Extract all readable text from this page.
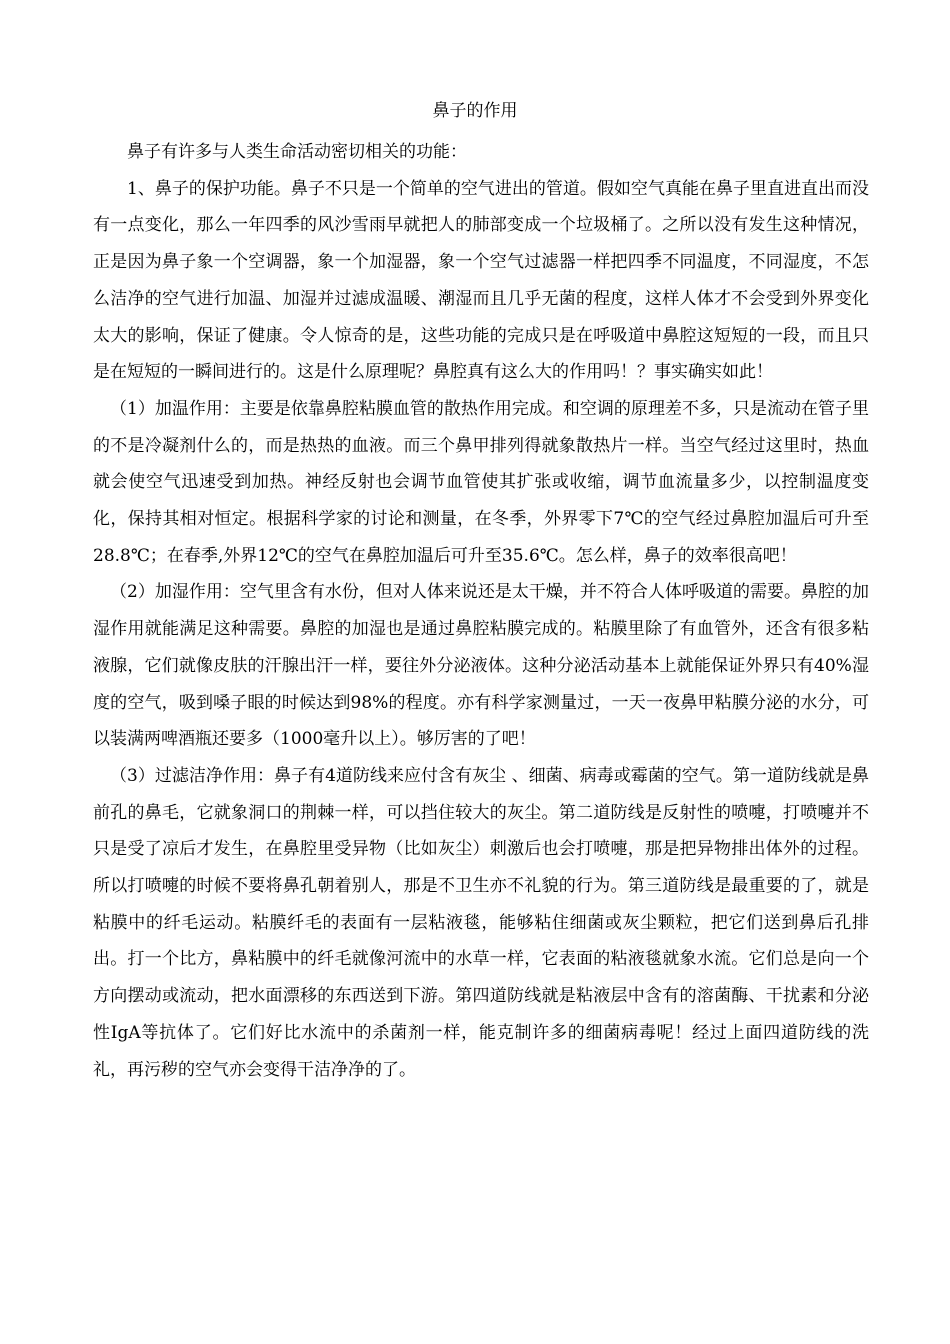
鼻子的作用

鼻子有许多与人类生命活动密切相关的功能：

1、鼻子的保护功能。鼻子不只是一个简单的空气进出的管道。假如空气真能在鼻子里直进直出而没有一点变化，那么一年四季的风沙雪雨早就把人的肺部变成一个垃圾桶了。之所以没有发生这种情况，正是因为鼻子象一个空调器，象一个加湿器，象一个空气过滤器一样把四季不同温度，不同湿度，不怎么洁净的空气进行加温、加湿并过滤成温暖、潮湿而且几乎无菌的程度，这样人体才不会受到外界变化太大的影响，保证了健康。令人惊奇的是，这些功能的完成只是在呼吸道中鼻腔这短短的一段，而且只是在短短的一瞬间进行的。这是什么原理呢？鼻腔真有这么大的作用吗！？事实确实如此！

（1）加温作用：主要是依靠鼻腔粘膜血管的散热作用完成。和空调的原理差不多，只是流动在管子里的不是冷凝剂什么的，而是热热的血液。而三个鼻甲排列得就象散热片一样。当空气经过这里时，热血就会使空气迅速受到加热。神经反射也会调节血管使其扩张或收缩，调节血流量多少，以控制温度变化，保持其相对恒定。根据科学家的讨论和测量，在冬季，外界零下7℃的空气经过鼻腔加温后可升至28.8℃；在春季,外界12℃的空气在鼻腔加温后可升至35.6℃。怎么样，鼻子的效率很高吧！

（2）加湿作用：空气里含有水份，但对人体来说还是太干燥，并不符合人体呼吸道的需要。鼻腔的加湿作用就能满足这种需要。鼻腔的加湿也是通过鼻腔粘膜完成的。粘膜里除了有血管外，还含有很多粘液腺，它们就像皮肤的汗腺出汗一样，要往外分泌液体。这种分泌活动基本上就能保证外界只有40%湿度的空气，吸到嗓子眼的时候达到98%的程度。亦有科学家测量过，一天一夜鼻甲粘膜分泌的水分，可以装满两啤酒瓶还要多（1000毫升以上）。够厉害的了吧！

（3）过滤洁净作用：鼻子有4道防线来应付含有灰尘 、细菌、病毒或霉菌的空气。第一道防线就是鼻前孔的鼻毛，它就象洞口的荆棘一样，可以挡住较大的灰尘。第二道防线是反射性的喷嚏，打喷嚏并不只是受了凉后才发生，在鼻腔里受异物（比如灰尘）刺激后也会打喷嚏，那是把异物排出体外的过程。所以打喷嚏的时候不要将鼻孔朝着别人，那是不卫生亦不礼貌的行为。第三道防线是最重要的了，就是粘膜中的纤毛运动。粘膜纤毛的表面有一层粘液毯，能够粘住细菌或灰尘颗粒，把它们送到鼻后孔排出。打一个比方，鼻粘膜中的纤毛就像河流中的水草一样，它表面的粘液毯就象水流。它们总是向一个方向摆动或流动，把水面漂移的东西送到下游。第四道防线就是粘液层中含有的溶菌酶、干扰素和分泌性IgA等抗体了。它们好比水流中的杀菌剂一样，能克制许多的细菌病毒呢！经过上面四道防线的洗礼，再污秽的空气亦会变得干洁净净的了。
